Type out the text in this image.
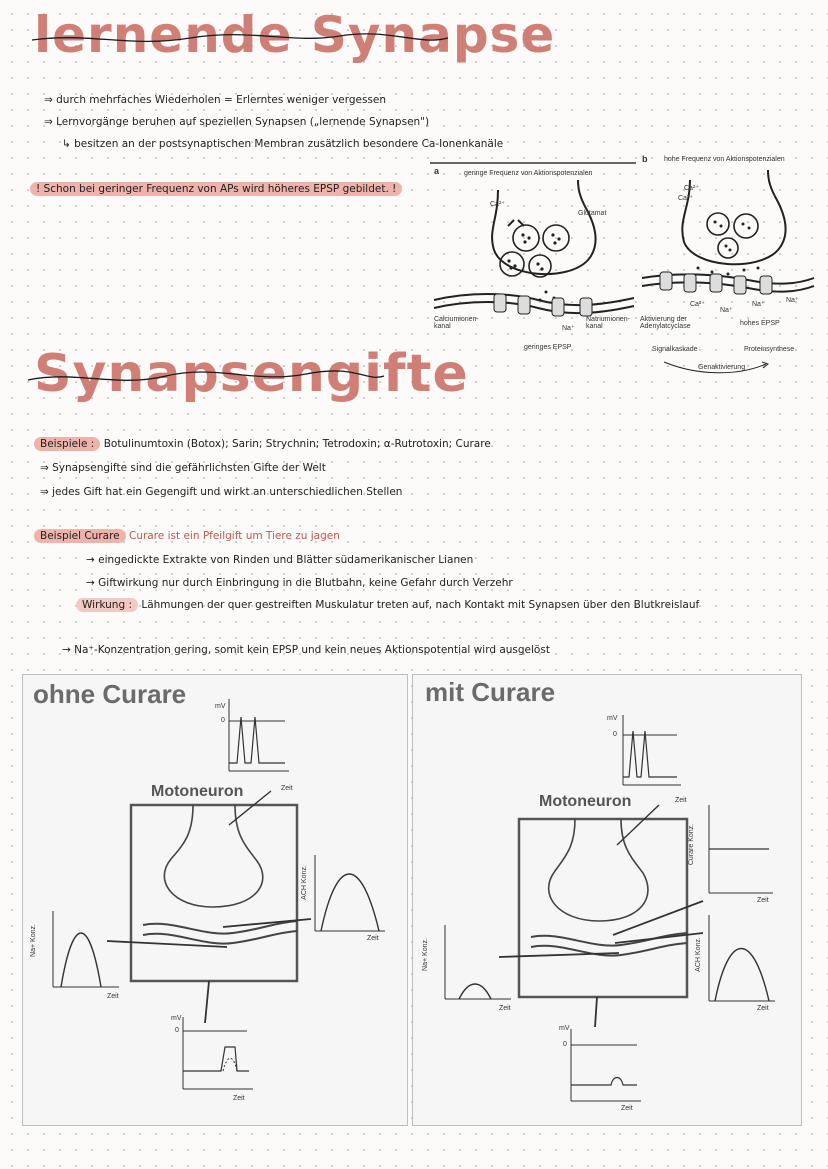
lernende Synapse
⇒ durch mehrfaches Wiederholen = Erlerntes weniger vergessen
⇒ Lernvorgänge beruhen auf speziellen Synapsen („lernende Synapsen")
↳ besitzen an der postsynaptischen Membran zusätzlich besondere Ca-Ionenkanäle
! Schon bei geringer Frequenz von APs wird höheres EPSP gebildet. !
a
b
geringe Frequenz von Aktionspotenzialen
hohe Frequenz von Aktionspotenzialen
Ca²⁺
Glutamat
Calciumionen-
kanal	Na⁺
Natriumionen-
kanal
geringes EPSP
Ca²⁺
Ca²⁺
Ca²⁺
Na⁺
Na⁺
Na⁺
Aktivierung der
Adenylatcyclase	hohes EPSP
Signalkaskade	Proteinsynthese
Genaktivierung
Synapsengifte
Beispiele : Botulinumtoxin (Botox); Sarin; Strychnin; Tetrodoxin; α-Rutrotoxin; Curare
⇒ Synapsengifte sind die gefährlichsten Gifte der Welt
⇒ jedes Gift hat ein Gegengift und wirkt an unterschiedlichen Stellen
Beispiel Curare Curare ist ein Pfeilgift um Tiere zu jagen
→ eingedickte Extrakte von Rinden und Blätter südamerikanischer Lianen
→ Giftwirkung nur durch Einbringung in die Blutbahn, keine Gefahr durch Verzehr
Wirkung : Lähmungen der quer gestreiften Muskulatur treten auf, nach Kontakt mit Synapsen über den Blutkreislauf
→ Na⁺-Konzentration gering, somit kein EPSP und kein neues Aktionspotential wird ausgelöst
ohne Curare
Motoneuron
mV
0
Zeit
Na+ Konz.
Zeit
ACH Konz.
Zeit
mV
0
Zeit
mit Curare
Motoneuron
mV
0
Zeit
Na+ Konz.
Zeit
Curare Konz.
Zeit
ACH Konz.
Zeit
mV
0
Zeit
